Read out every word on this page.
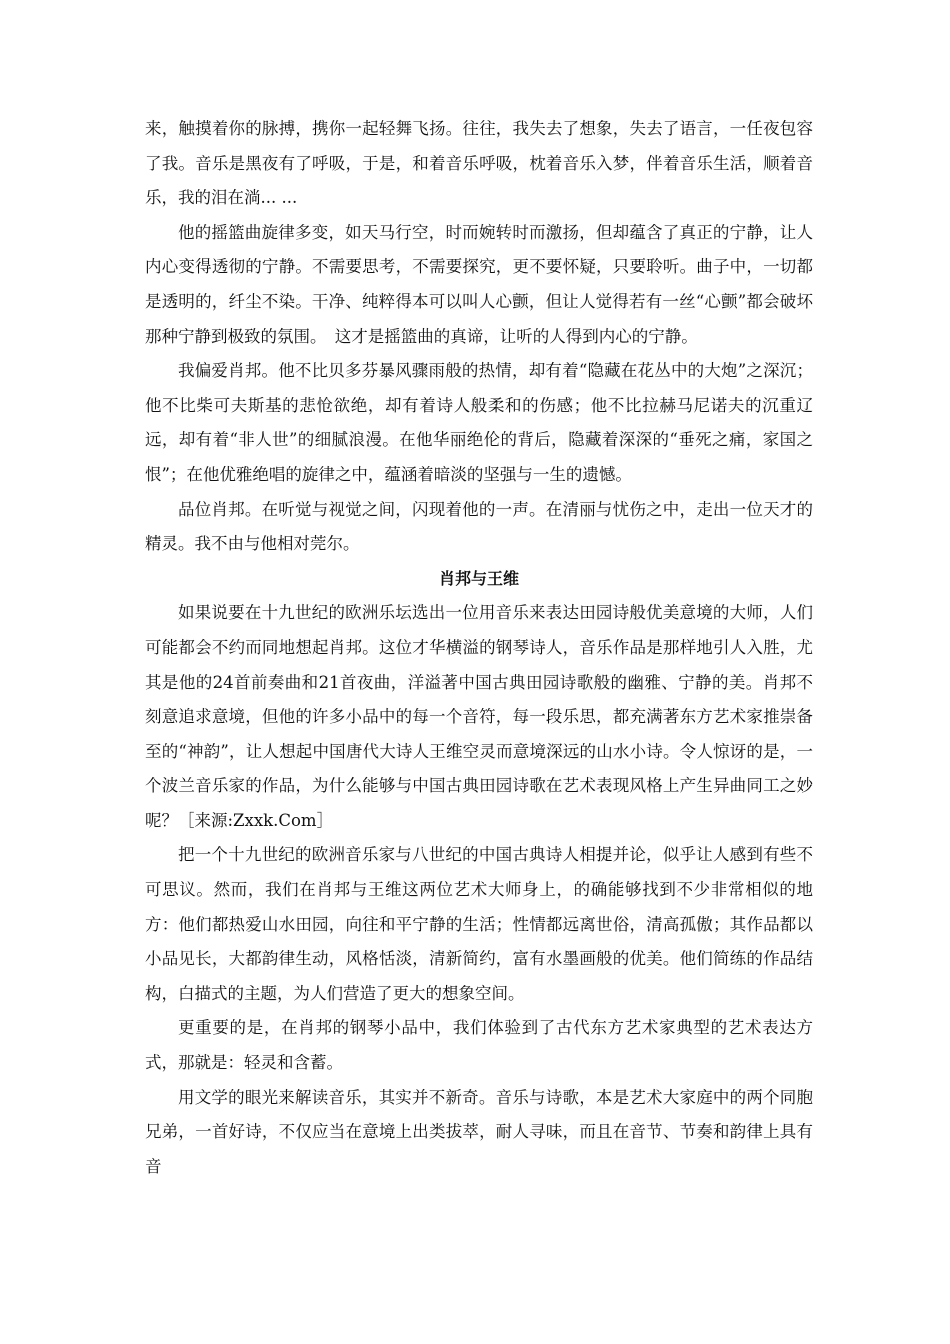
来，触摸着你的脉搏，携你一起轻舞飞扬。往往，我失去了想象，失去了语言，一任夜包容了我。音乐是黑夜有了呼吸，于是，和着音乐呼吸，枕着音乐入梦，伴着音乐生活，顺着音乐，我的泪在淌... ...

他的摇篮曲旋律多变，如天马行空，时而婉转时而激扬，但却蕴含了真正的宁静，让人内心变得透彻的宁静。不需要思考，不需要探究，更不要怀疑，只要聆听。曲子中，一切都是透明的，纤尘不染。干净、纯粹得本可以叫人心颤，但让人觉得若有一丝“心颤”都会破坏那种宁静到极致的氛围。　这才是摇篮曲的真谛，让听的人得到内心的宁静。

我偏爱肖邦。他不比贝多芬暴风骤雨般的热情，却有着“隐藏在花丛中的大炮”之深沉；他不比柴可夫斯基的悲怆欲绝，却有着诗人般柔和的伤感；他不比拉赫马尼诺夫的沉重辽远，却有着“非人世”的细腻浪漫。在他华丽绝伦的背后，隐藏着深深的“垂死之痛，家国之恨”；在他优雅绝唱的旋律之中，蕴涵着暗淡的坚强与一生的遗憾。

品位肖邦。在听觉与视觉之间，闪现着他的一声。在清丽与忧伤之中，走出一位天才的精灵。我不由与他相对莞尔。

肖邦与王维

如果说要在十九世纪的欧洲乐坛选出一位用音乐来表达田园诗般优美意境的大师，人们可能都会不约而同地想起肖邦。这位才华横溢的钢琴诗人，音乐作品是那样地引人入胜，尤其是他的24首前奏曲和21首夜曲，洋溢著中国古典田园诗歌般的幽雅、宁静的美。肖邦不刻意追求意境，但他的许多小品中的每一个音符，每一段乐思，都充满著东方艺术家推崇备至的“神韵”，让人想起中国唐代大诗人王维空灵而意境深远的山水小诗。令人惊讶的是，一个波兰音乐家的作品，为什么能够与中国古典田园诗歌在艺术表现风格上产生异曲同工之妙呢？［来源:Zxxk.Com］

把一个十九世纪的欧洲音乐家与八世纪的中国古典诗人相提并论，似乎让人感到有些不可思议。然而，我们在肖邦与王维这两位艺术大师身上，的确能够找到不少非常相似的地方：他们都热爱山水田园，向往和平宁静的生活；性情都远离世俗，清高孤傲；其作品都以小品见长，大都韵律生动，风格恬淡，清新简约，富有水墨画般的优美。他们简练的作品结构，白描式的主题，为人们营造了更大的想象空间。

更重要的是，在肖邦的钢琴小品中，我们体验到了古代东方艺术家典型的艺术表达方式，那就是：轻灵和含蓄。

用文学的眼光来解读音乐，其实并不新奇。音乐与诗歌，本是艺术大家庭中的两个同胞兄弟，一首好诗，不仅应当在意境上出类拔萃，耐人寻味，而且在音节、节奏和韵律上具有音
